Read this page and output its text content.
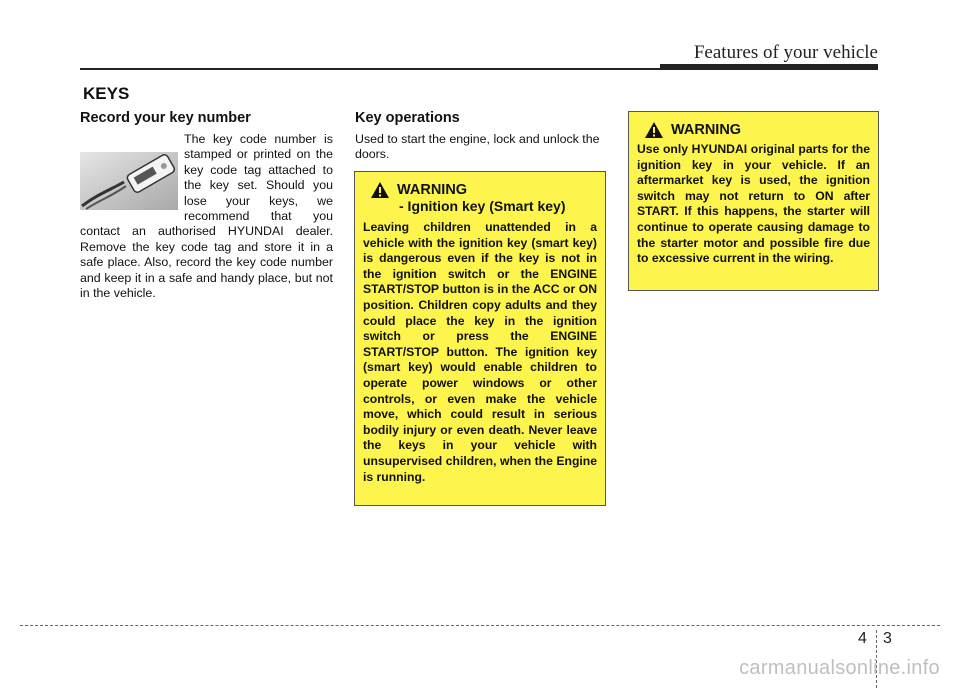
Features of your vehicle
KEYS
Record your key number

The key code number is stamped or printed on the key code tag attached to the key set. Should you lose your keys, we recommend that you contact an authorised HYUNDAI dealer. Remove the key code tag and store it in a safe place. Also, record the key code number and keep it in a safe and handy place, but not in the vehicle.

Key operations

Used to start the engine, lock and unlock the doors.

WARNING
- Ignition key (Smart key)

Leaving children unattended in a vehicle with the ignition key (smart key) is dangerous even if the key is not in the ignition switch or the ENGINE START/STOP button is in the ACC or ON position. Children copy adults and they could place the key in the ignition switch or press the ENGINE START/STOP button. The ignition key (smart key) would enable children to operate power windows or other controls, or even make the vehicle move, which could result in serious bodily injury or even death. Never leave the keys in your vehicle with unsupervised children, when the Engine is running.

WARNING

Use only HYUNDAI original parts for the ignition key in your vehicle. If an aftermarket key is used, the ignition switch may not return to ON after START. If this happens, the starter will continue to operate causing damage to the starter motor and possible fire due to excessive current in the wiring.

4 3
carmanualsonline.info
